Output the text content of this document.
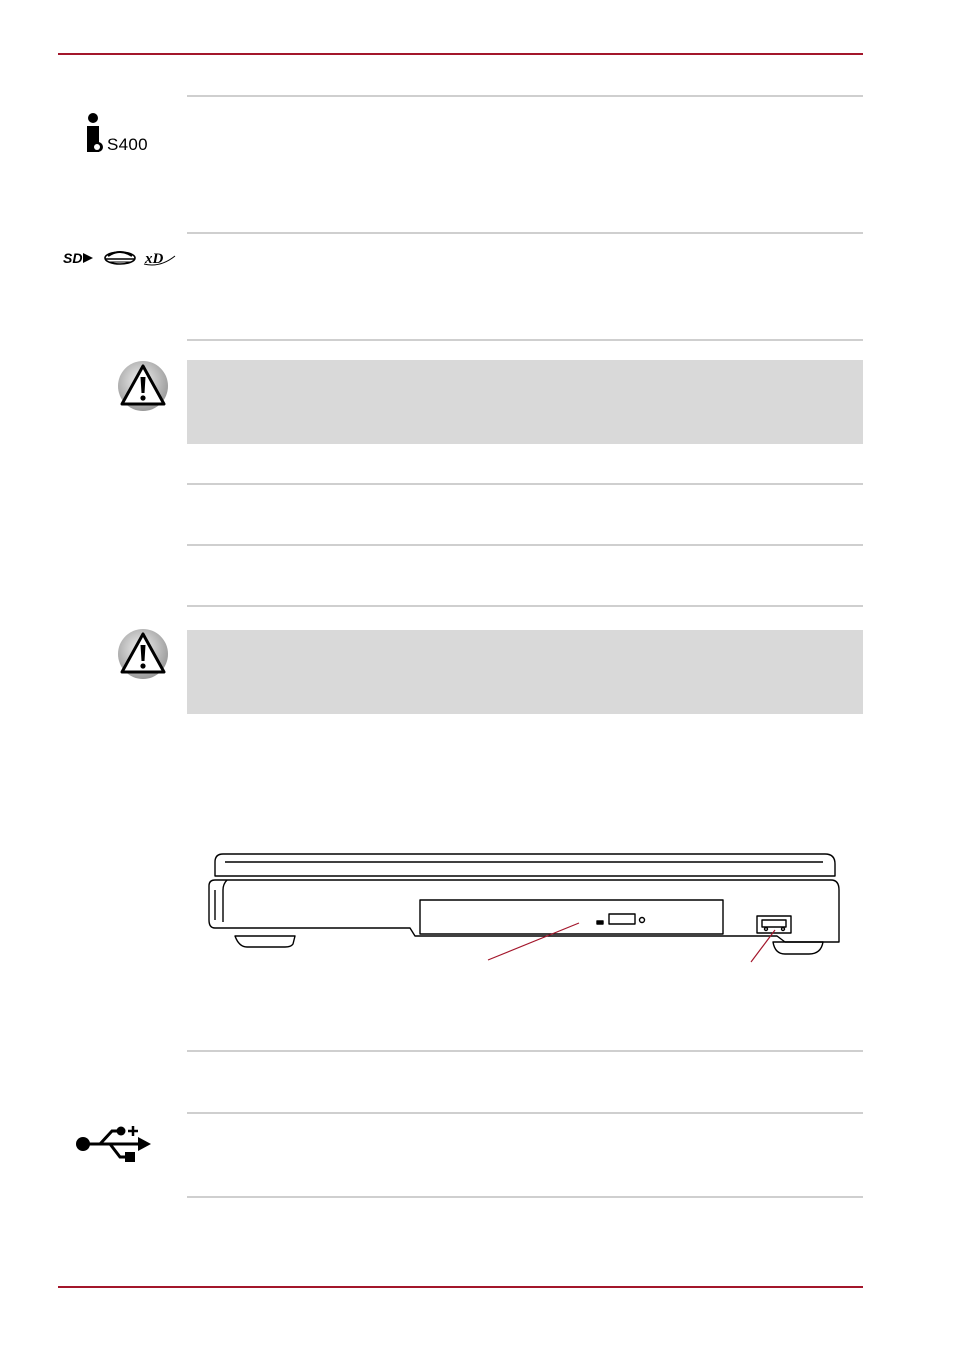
S400
SD	xD
